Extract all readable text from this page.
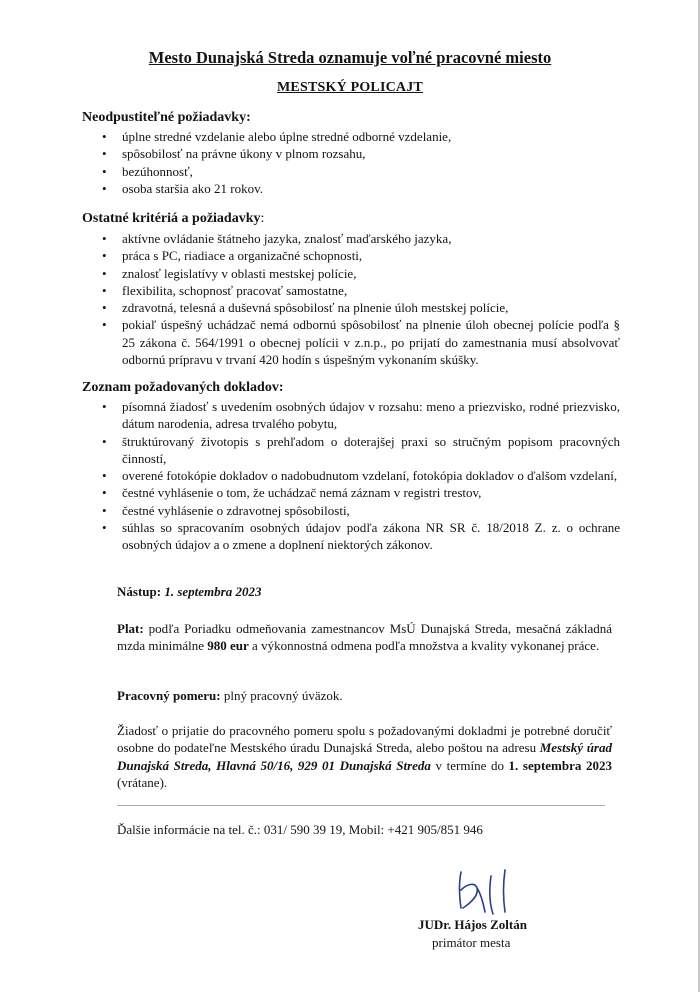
Mesto Dunajská Streda oznamuje voľné pracovné miesto
MESTSKÝ POLICAJT
Neodpustiteľné požiadavky:
• úplne stredné vzdelanie alebo úplne stredné odborné vzdelanie,
• spôsobilosť na právne úkony v plnom rozsahu,
• bezúhonnosť,
• osoba staršia ako 21 rokov.
Ostatné kritériá a požiadavky:
• aktívne ovládanie štátneho jazyka, znalosť maďarského jazyka,
• práca s PC, riadiace a organizačné schopnosti,
• znalosť legislatívy v oblasti mestskej polície,
• flexibilita, schopnosť pracovať samostatne,
• zdravotná, telesná a duševná spôsobilosť na plnenie úloh mestskej polície,
• pokiaľ úspešný uchádzač nemá odbornú spôsobilosť na plnenie úloh obecnej polície podľa § 25 zákona č. 564/1991 o obecnej polícii v z.n.p., po prijatí do zamestnania musí absolvovať odbornú prípravu v trvaní 420 hodín s úspešným vykonaním skúšky.
Zoznam požadovaných dokladov:
• písomná žiadosť s uvedením osobných údajov v rozsahu: meno a priezvisko, rodné priezvisko, dátum narodenia, adresa trvalého pobytu,
• štruktúrovaný životopis s prehľadom o doterajšej praxi so stručným popisom pracovných činností,
• overené fotokópie dokladov o nadobudnutom vzdelaní, fotokópia dokladov o ďalšom vzdelaní,
• čestné vyhlásenie o tom, že uchádzač nemá záznam v registri trestov,
• čestné vyhlásenie o zdravotnej spôsobilosti,
• súhlas so spracovaním osobných údajov podľa zákona NR SR č. 18/2018 Z. z. o ochrane osobných údajov a o zmene a doplnení niektorých zákonov.
Nástup: 1. septembra 2023
Plat: podľa Poriadku odmeňovania zamestnancov MsÚ Dunajská Streda, mesačná základná mzda minimálne 980 eur a výkonnostná odmena podľa množstva a kvality vykonanej práce.
Pracovný pomeru: plný pracovný úväzok.
Žiadosť o prijatie do pracovného pomeru spolu s požadovanými dokladmi je potrebné doručiť osobne do podateľne Mestského úradu Dunajská Streda, alebo poštou na adresu Mestský úrad Dunajská Streda, Hlavná 50/16, 929 01 Dunajská Streda v termíne do 1. septembra 2023 (vrátane).
Ďalšie informácie na tel. č.: 031/ 590 39 19, Mobil: +421 905/851 946
JUDr. Hájos Zoltán
primátor mesta
